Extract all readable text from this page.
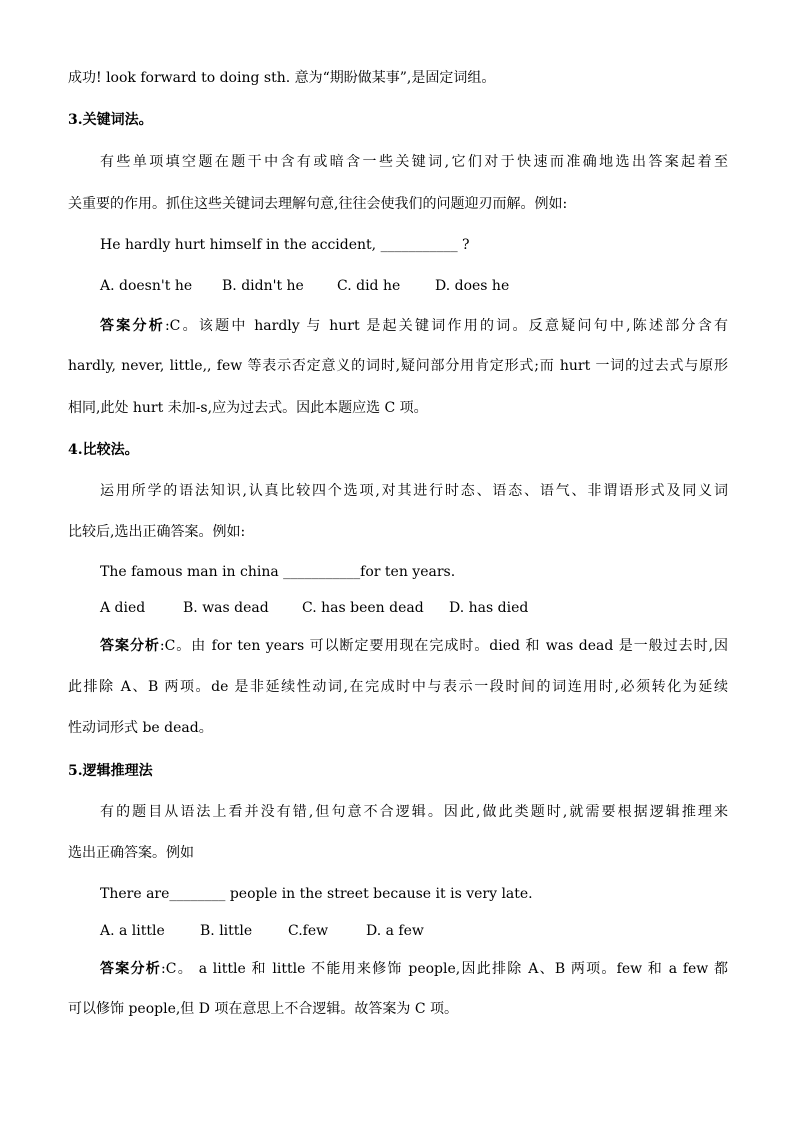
成功! look forward to doing sth. 意为“期盼做某事”,是固定词组。
3.关键词法。
有些单项填空题在题干中含有或暗含一些关键词,它们对于快速而准确地选出答案起着至
关重要的作用。抓住这些关键词去理解句意,往往会使我们的问题迎刃而解。例如:
He hardly hurt himself in the accident, ___________ ?
A. doesn't he B. didn't he C. did he D. does he
答案分析:C。该题中 hardly 与 hurt 是起关键词作用的词。反意疑问句中,陈述部分含有
hardly, never, little,, few 等表示否定意义的词时,疑问部分用肯定形式;而 hurt 一词的过去式与原形
相同,此处 hurt 未加-s,应为过去式。因此本题应选 C 项。
4.比较法。
运用所学的语法知识,认真比较四个选项,对其进行时态、语态、语气、非谓语形式及同义词
比较后,选出正确答案。例如:
The famous man in china ___________for ten years.
A died	B. was dead C. has been dead D. has died
答案分析:C。由 for ten years 可以断定要用现在完成时。died 和 was dead 是一般过去时,因
此排除 A、B 两项。de 是非延续性动词,在完成时中与表示一段时间的词连用时,必须转化为延续
性动词形式 be dead。
5.逻辑推理法
有的题目从语法上看并没有错,但句意不合逻辑。因此,做此类题时,就需要根据逻辑推理来
选出正确答案。例如
There are________ people in the street because it is very late.
A. a little	B. little	C.few	D. a few
答案分析:C。 a little 和 little 不能用来修饰 people,因此排除 A、B 两项。few 和 a few 都
可以修饰 people,但 D 项在意思上不合逻辑。故答案为 C 项。
